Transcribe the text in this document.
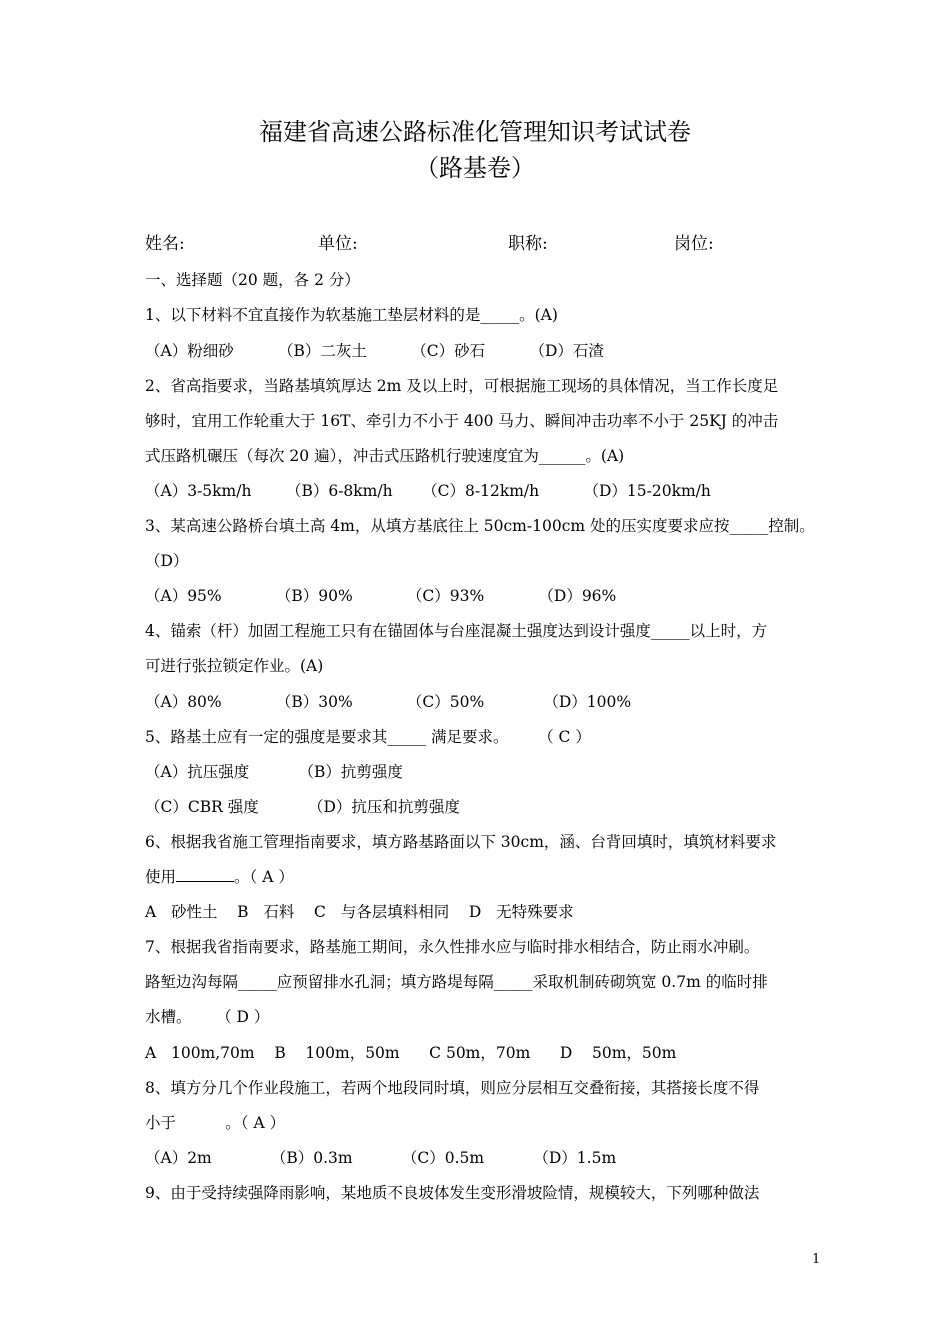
福建省高速公路标准化管理知识考试试卷
（路基卷）
姓名:	单位:	职称:	岗位:
一、选择题（20 题，各 2 分）
1、以下材料不宜直接作为软基施工垫层材料的是_____。(A)
（A）粉细砂         （B）二灰土         （C）砂石         （D）石渣
2、省高指要求，当路基填筑厚达 2m 及以上时，可根据施工现场的具体情况，当工作长度足
够时，宜用工作轮重大于 16T、牵引力不小于 400 马力、瞬间冲击功率不小于 25KJ 的冲击
式压路机碾压（每次 20 遍），冲击式压路机行驶速度宜为______。(A)
（A）3-5km/h       （B）6-8km/h      （C）8-12km/h         （D）15-20km/h
3、某高速公路桥台填土高 4m，从填方基底往上 50cm-100cm 处的压实度要求应按_____控制。
（D）
（A）95%           （B）90%           （C）93%           （D）96%
4、锚索（杆）加固工程施工只有在锚固体与台座混凝土强度达到设计强度_____以上时，方
可进行张拉锁定作业。(A)
（A）80%           （B）30%           （C）50%            （D）100%
5、路基土应有一定的强度是要求其_____ 满足要求。      （ C ）
（A）抗压强度          （B）抗剪强度
（C）CBR 强度          （D）抗压和抗剪强度
6、根据我省施工管理指南要求，填方路基路面以下 30cm，涵、台背回填时，填筑材料要求
使用	。（ A ）
A   砂性土    B   石料    C   与各层填料相同    D   无特殊要求
7、根据我省指南要求，路基施工期间，永久性排水应与临时排水相结合，防止雨水冲刷。
路堑边沟每隔_____应预留排水孔洞；填方路堤每隔_____采取机制砖砌筑宽 0.7m 的临时排
水槽。     （ D ）
A   100m,70m    B    100m，50m      C 50m，70m      D    50m，50m
8、填方分几个作业段施工，若两个地段同时填，则应分层相互交叠衔接，其搭接长度不得
小于          。（ A ）
（A）2m            （B）0.3m          （C）0.5m          （D）1.5m
9、由于受持续强降雨影响，某地质不良坡体发生变形滑坡险情，规模较大，下列哪种做法
1
